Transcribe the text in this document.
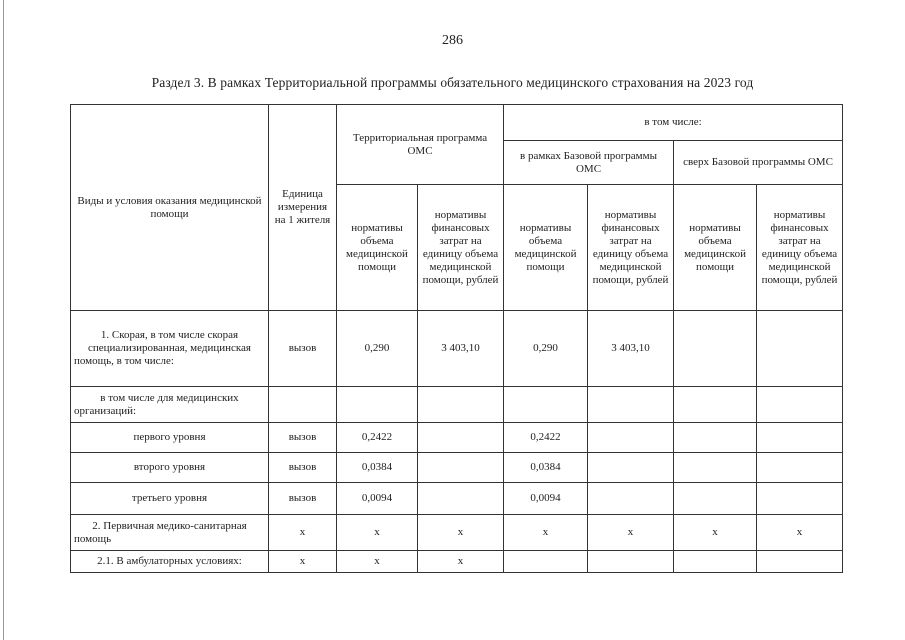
286
Раздел 3. В рамках Территориальной программы обязательного медицинского страхования на 2023 год
Виды и условия оказания медицинской помощи	Единица измерения на 1 жителя	Территориальная программа ОМС		в том числе:			
				в рамках Базовой программы ОМС		сверх Базовой программы ОМС	
		нормативы объема медицинской помощи	нормативы финансовых затрат на единицу объема медицинской помощи, рублей	нормативы объема медицинской помощи	нормативы финансовых затрат на единицу объема медицинской помощи, рублей	нормативы объема медицинской помощи	нормативы финансовых затрат на единицу объема медицинской помощи, рублей

1. Скорая, в том числе скорая специализированная, медицинская помощь, в том числе:	вызов	0,290	3 403,10	0,290	3 403,10		
в том числе для медицинских организаций:							
первого уровня	вызов	0,2422		0,2422			
второго уровня	вызов	0,0384		0,0384			
третьего уровня	вызов	0,0094		0,0094			
2. Первичная медико-санитарная помощь	х	х	х	х	х	х	х
2.1. В амбулаторных условиях:	х	х	х				
